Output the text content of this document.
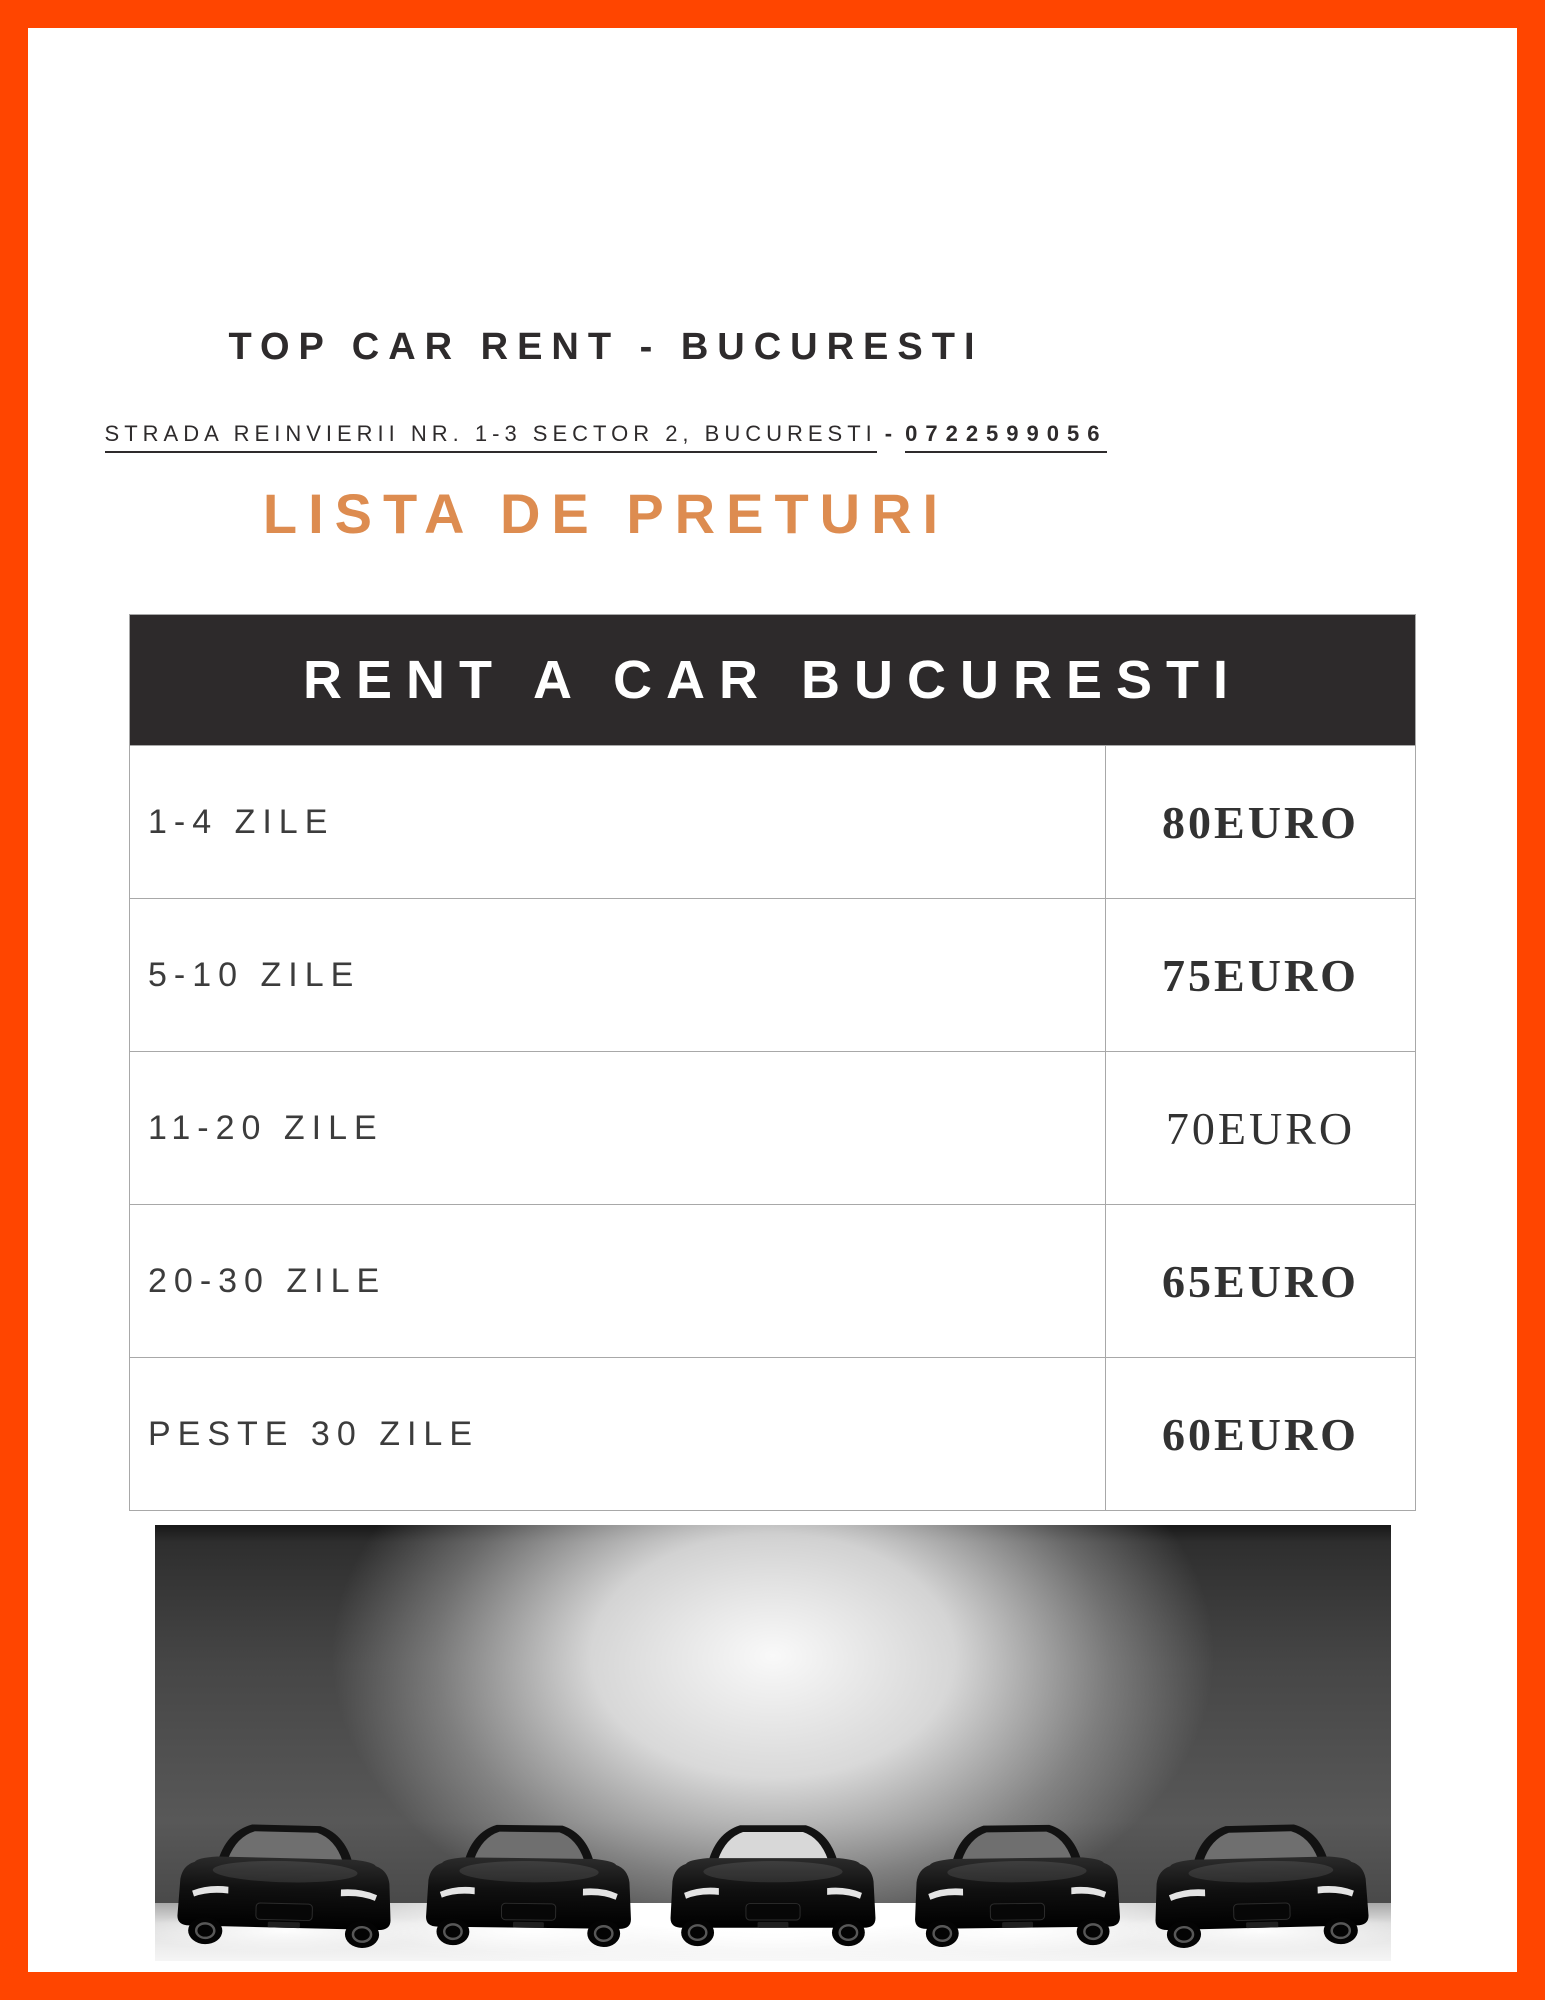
TOP CAR RENT - BUCURESTI

STRADA REINVIERII NR. 1-3 SECTOR 2, BUCURESTI - 0722599056

LISTA DE PRETURI
RENT A CAR BUCURESTI
1-4 ZILE	80EURO
5-10 ZILE	75EURO
11-20 ZILE	70EURO
20-30 ZILE	65EURO
PESTE 30 ZILE	60EURO
